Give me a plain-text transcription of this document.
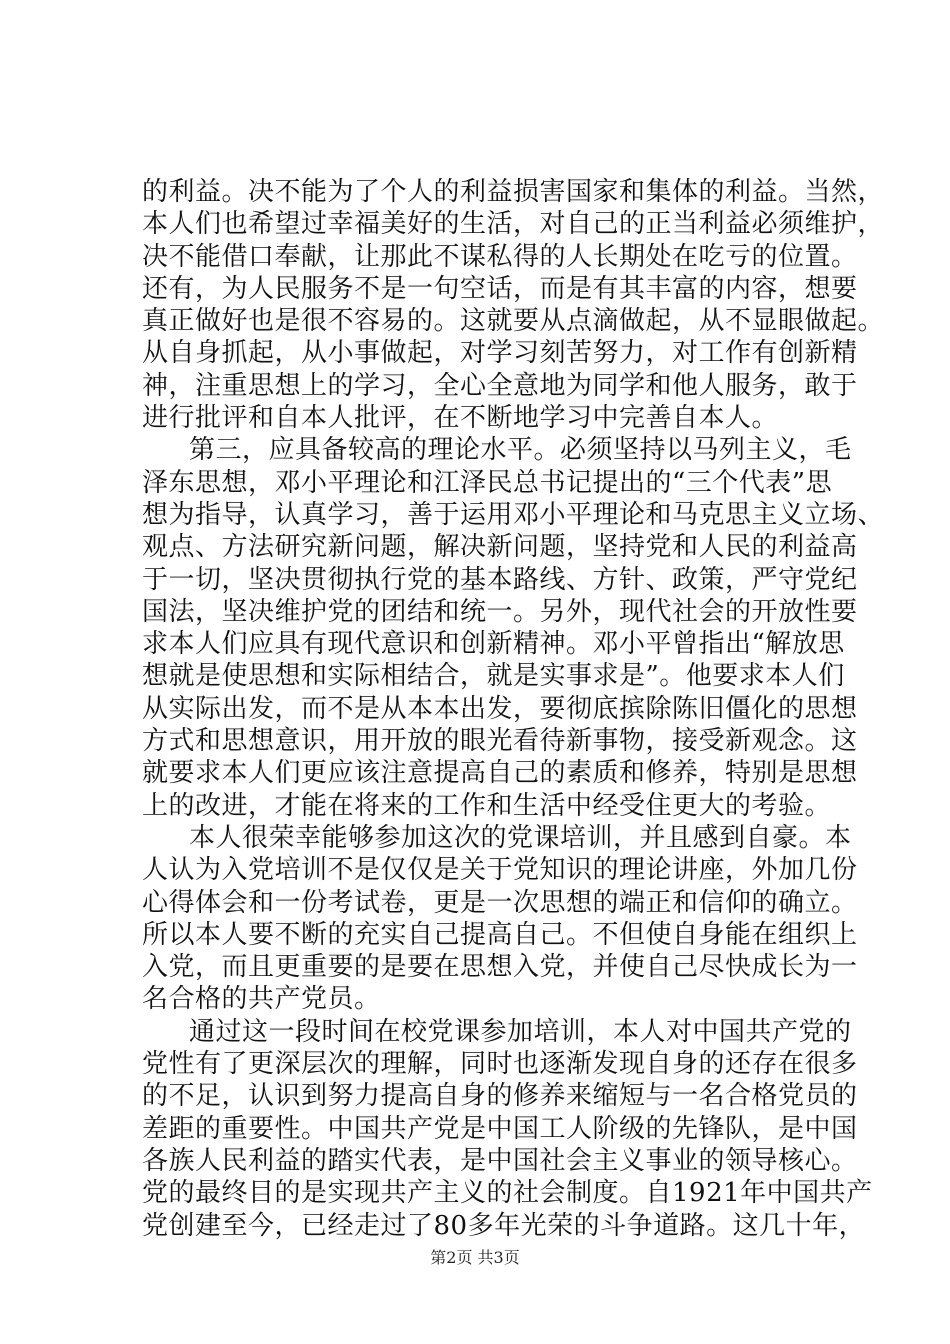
的利益。决不能为了个人的利益损害国家和集体的利益。当然，
本人们也希望过幸福美好的生活，对自己的正当利益必须维护，
决不能借口奉献，让那此不谋私得的人长期处在吃亏的位置。
还有，为人民服务不是一句空话，而是有其丰富的内容，想要
真正做好也是很不容易的。这就要从点滴做起，从不显眼做起。
从自身抓起，从小事做起，对学习刻苦努力，对工作有创新精
神，注重思想上的学习，全心全意地为同学和他人服务，敢于
进行批评和自本人批评，在不断地学习中完善自本人。
第三，应具备较高的理论水平。必须坚持以马列主义，毛
泽东思想，邓小平理论和江泽民总书记提出的“三个代表”思
想为指导，认真学习，善于运用邓小平理论和马克思主义立场、
观点、方法研究新问题，解决新问题，坚持党和人民的利益高
于一切，坚决贯彻执行党的基本路线、方针、政策，严守党纪
国法，坚决维护党的团结和统一。另外，现代社会的开放性要
求本人们应具有现代意识和创新精神。邓小平曾指出“解放思
想就是使思想和实际相结合，就是实事求是”。他要求本人们
从实际出发，而不是从本本出发，要彻底摈除陈旧僵化的思想
方式和思想意识，用开放的眼光看待新事物，接受新观念。这
就要求本人们更应该注意提高自己的素质和修养，特别是思想
上的改进，才能在将来的工作和生活中经受住更大的考验。
本人很荣幸能够参加这次的党课培训，并且感到自豪。本
人认为入党培训不是仅仅是关于党知识的理论讲座，外加几份
心得体会和一份考试卷，更是一次思想的端正和信仰的确立。
所以本人要不断的充实自己提高自己。不但使自身能在组织上
入党，而且更重要的是要在思想入党，并使自己尽快成长为一
名合格的共产党员。
通过这一段时间在校党课参加培训，本人对中国共产党的
党性有了更深层次的理解，同时也逐渐发现自身的还存在很多
的不足，认识到努力提高自身的修养来缩短与一名合格党员的
差距的重要性。中国共产党是中国工人阶级的先锋队，是中国
各族人民利益的踏实代表，是中国社会主义事业的领导核心。
党的最终目的是实现共产主义的社会制度。自1921年中国共产
党创建至今，已经走过了80多年光荣的斗争道路。这几十年，
第2页 共3页
